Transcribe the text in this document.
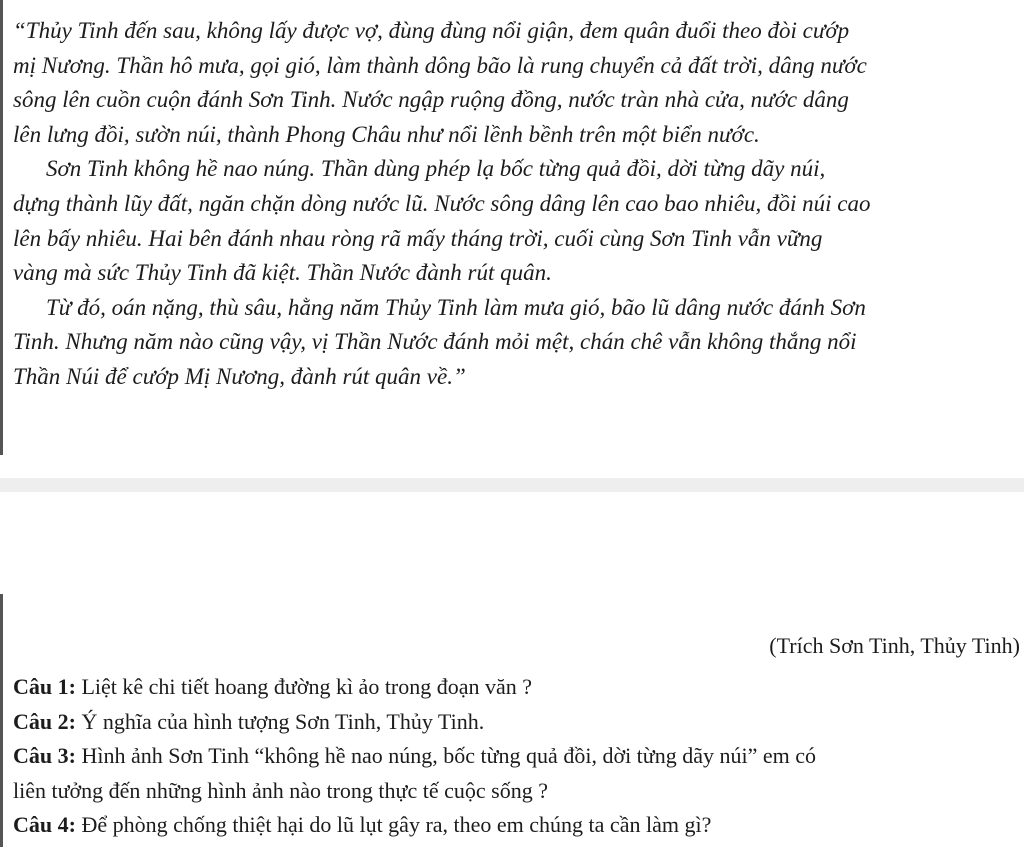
“Thủy Tinh đến sau, không lấy được vợ, đùng đùng nổi giận, đem quân đuổi theo đòi cướp
mị Nương. Thần hô mưa, gọi gió, làm thành dông bão là rung chuyển cả đất trời, dâng nước
sông lên cuồn cuộn đánh Sơn Tinh. Nước ngập ruộng đồng, nước tràn nhà cửa, nước dâng
lên lưng đồi, sườn núi, thành Phong Châu như nổi lềnh bềnh trên một biển nước.

Sơn Tinh không hề nao núng. Thần dùng phép lạ bốc từng quả đồi, dời từng dãy núi,
dựng thành lũy đất, ngăn chặn dòng nước lũ. Nước sông dâng lên cao bao nhiêu, đồi núi cao
lên bấy nhiêu. Hai bên đánh nhau ròng rã mấy tháng trời, cuối cùng Sơn Tinh vẫn vững
vàng mà sức Thủy Tinh đã kiệt. Thần Nước đành rút quân.

Từ đó, oán nặng, thù sâu, hằng năm Thủy Tinh làm mưa gió, bão lũ dâng nước đánh Sơn
Tinh. Nhưng năm nào cũng vậy, vị Thần Nước đánh mỏi mệt, chán chê vẫn không thắng nổi
Thần Núi để cướp Mị Nương, đành rút quân về.”

(Trích Sơn Tinh, Thủy Tinh)
Câu 1: Liệt kê chi tiết hoang đường kì ảo trong đoạn văn ?
Câu 2: Ý nghĩa của hình tượng Sơn Tinh, Thủy Tinh.
Câu 3: Hình ảnh Sơn Tinh “không hề nao núng, bốc từng quả đồi, dời từng dãy núi” em có
liên tưởng đến những hình ảnh nào trong thực tế cuộc sống ?
Câu 4: Để phòng chống thiệt hại do lũ lụt gây ra, theo em chúng ta cần làm gì?
